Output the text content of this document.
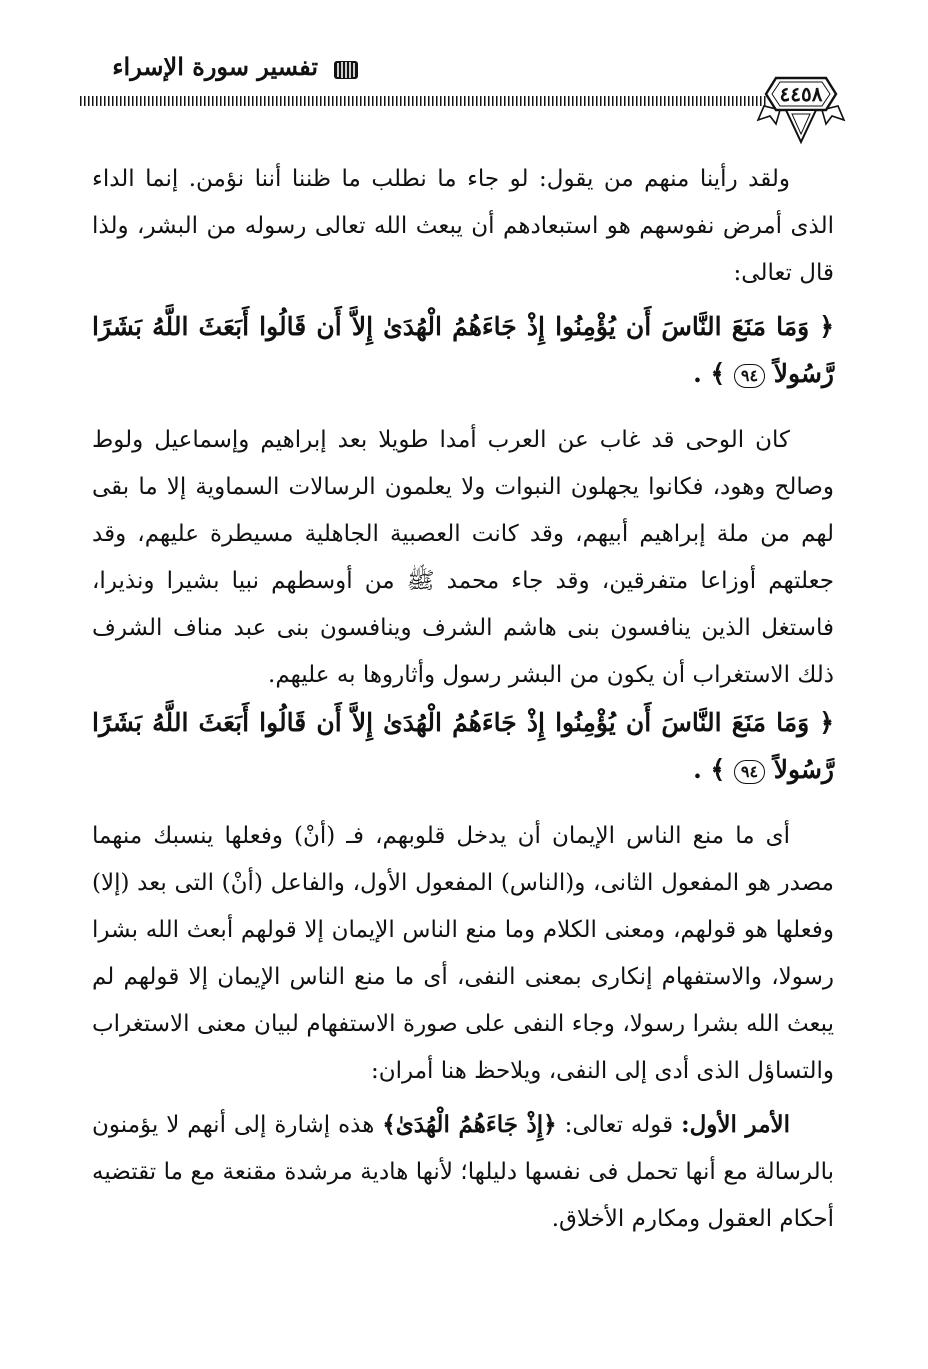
تفسير سورة الإسراء
٤٤٥٨

ولقد رأينا منهم من يقول: لو جاء ما نطلب ما ظننا أننا نؤمن. إنما الداء الذى أمرض نفوسهم هو استبعادهم أن يبعث الله تعالى رسوله من البشر، ولذا قال تعالى:

﴿ وَمَا مَنَعَ النَّاسَ أَن يُؤْمِنُوا إِذْ جَاءَهُمُ الْهُدَىٰ إِلاَّ أَن قَالُوا أَبَعَثَ اللَّهُ بَشَرًا رَّسُولاً ٩٤ ﴾ .

كان الوحى قد غاب عن العرب أمدا طويلا بعد إبراهيم وإسماعيل ولوط وصالح وهود، فكانوا يجهلون النبوات ولا يعلمون الرسالات السماوية إلا ما بقى لهم من ملة إبراهيم أبيهم، وقد كانت العصبية الجاهلية مسيطرة عليهم، وقد جعلتهم أوزاعا متفرقين، وقد جاء محمد ﷺ من أوسطهم نبيا بشيرا ونذيرا، فاستغل الذين ينافسون بنى هاشم الشرف وينافسون بنى عبد مناف الشرف ذلك الاستغراب أن يكون من البشر رسول وأثاروها به عليهم.

﴿ وَمَا مَنَعَ النَّاسَ أَن يُؤْمِنُوا إِذْ جَاءَهُمُ الْهُدَىٰ إِلاَّ أَن قَالُوا أَبَعَثَ اللَّهُ بَشَرًا رَّسُولاً ٩٤ ﴾ .

أى ما منع الناس الإيمان أن يدخل قلوبهم، فـ (أنْ) وفعلها ينسبك منهما مصدر هو المفعول الثانى، و(الناس) المفعول الأول، والفاعل (أنْ) التى بعد (إلا) وفعلها هو قولهم، ومعنى الكلام وما منع الناس الإيمان إلا قولهم أبعث الله بشرا رسولا، والاستفهام إنكارى بمعنى النفى، أى ما منع الناس الإيمان إلا قولهم لم يبعث الله بشرا رسولا، وجاء النفى على صورة الاستفهام لبيان معنى الاستغراب والتساؤل الذى أدى إلى النفى، ويلاحظ هنا أمران:

الأمر الأول: قوله تعالى: ﴿إِذْ جَاءَهُمُ الْهُدَىٰ﴾ هذه إشارة إلى أنهم لا يؤمنون بالرسالة مع أنها تحمل فى نفسها دليلها؛ لأنها هادية مرشدة مقنعة مع ما تقتضيه أحكام العقول ومكارم الأخلاق.
